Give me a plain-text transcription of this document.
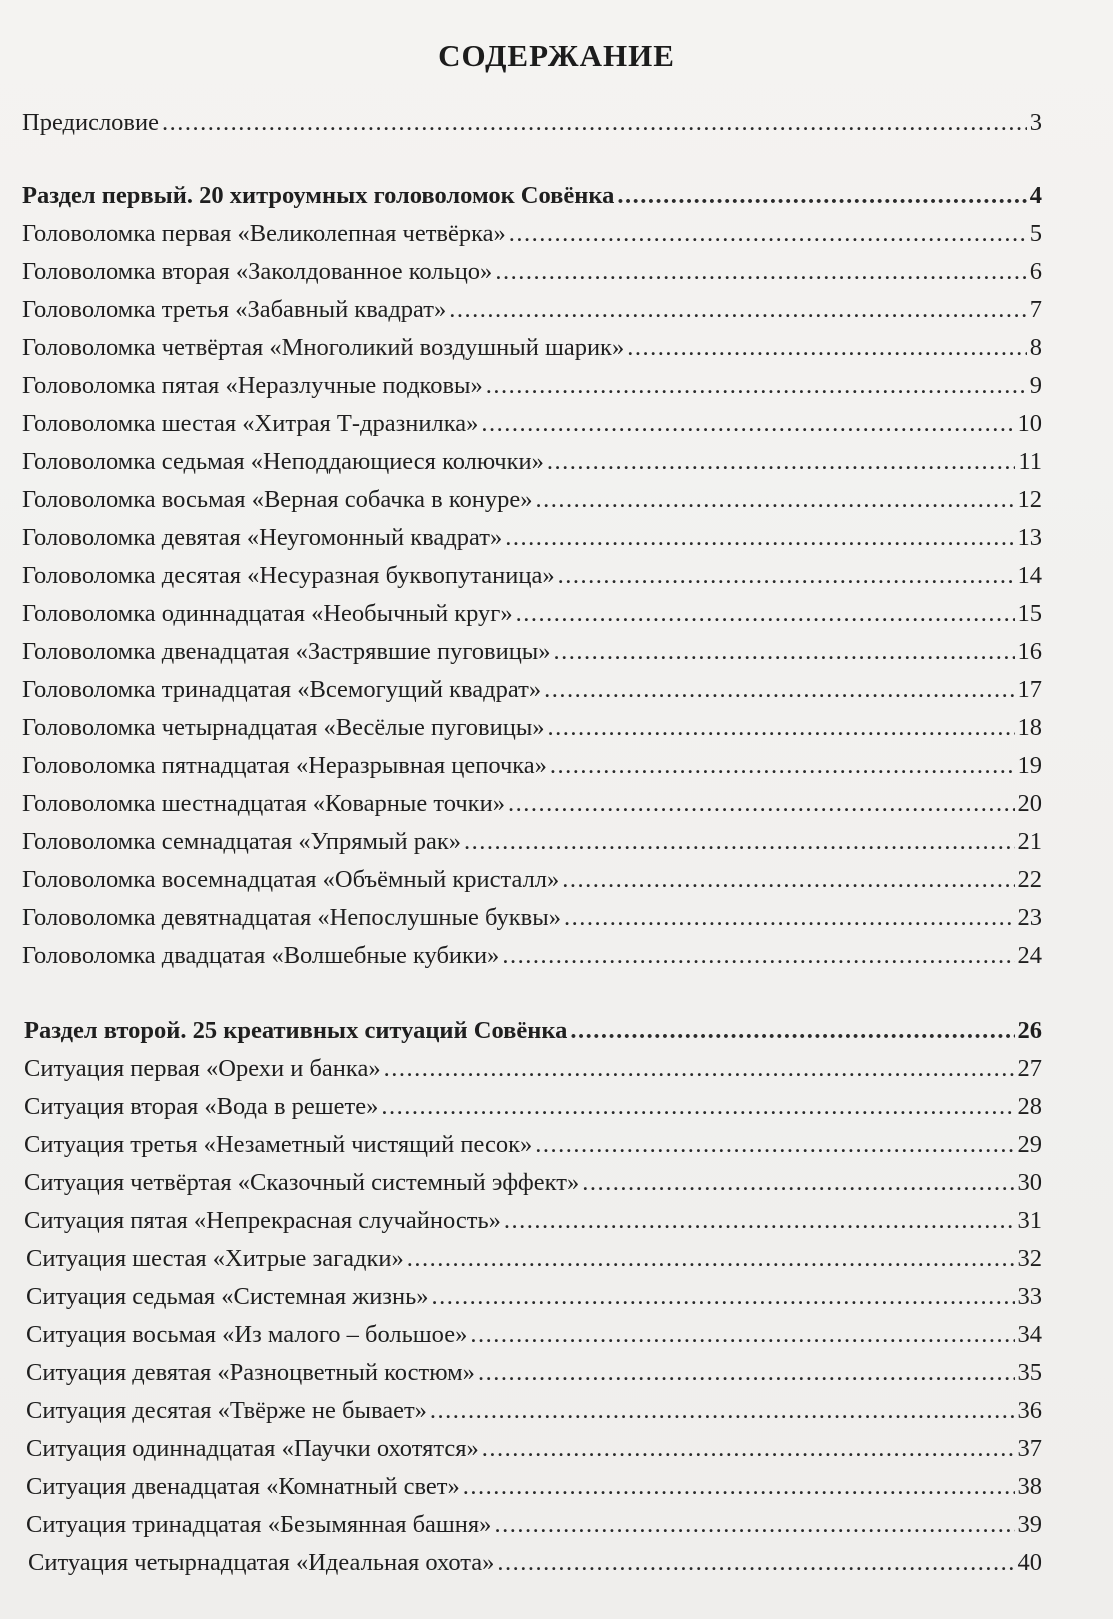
СОДЕРЖАНИЕ
Предисловие .....	3
Раздел первый. 20 хитроумных головоломок Совёнка .....	4
Головоломка первая «Великолепная четвёрка» .....	5
Головоломка вторая «Заколдованное кольцо» .....	6
Головоломка третья «Забавный квадрат» .....	7
Головоломка четвёртая «Многоликий воздушный шарик» .....	8
Головоломка пятая «Неразлучные подковы» .....	9
Головоломка шестая «Хитрая Т-дразнилка» .....	10
Головоломка седьмая «Неподдающиеся колючки» .....	11
Головоломка восьмая «Верная собачка в конуре» .....	12
Головоломка девятая «Неугомонный квадрат» .....	13
Головоломка десятая «Несуразная буквопутаница» .....	14
Головоломка одиннадцатая «Необычный круг» .....	15
Головоломка двенадцатая «Застрявшие пуговицы» .....	16
Головоломка тринадцатая «Всемогущий квадрат» .....	17
Головоломка четырнадцатая «Весёлые пуговицы» .....	18
Головоломка пятнадцатая «Неразрывная цепочка» .....	19
Головоломка шестнадцатая «Коварные точки» .....	20
Головоломка семнадцатая «Упрямый рак» .....	21
Головоломка восемнадцатая «Объёмный кристалл» .....	22
Головоломка девятнадцатая «Непослушные буквы» .....	23
Головоломка двадцатая «Волшебные кубики» .....	24
Раздел второй. 25 креативных ситуаций Совёнка .....	26
Ситуация первая «Орехи и банка» .....	27
Ситуация вторая «Вода в решете» .....	28
Ситуация третья «Незаметный чистящий песок» .....	29
Ситуация четвёртая «Сказочный системный эффект» .....	30
Ситуация пятая «Непрекрасная случайность» .....	31
Ситуация шестая «Хитрые загадки» .....	32
Ситуация седьмая «Системная жизнь» .....	33
Ситуация восьмая «Из малого – большое» .....	34
Ситуация девятая «Разноцветный костюм» .....	35
Ситуация десятая «Твёрже не бывает» .....	36
Ситуация одиннадцатая «Паучки охотятся» .....	37
Ситуация двенадцатая «Комнатный свет» .....	38
Ситуация тринадцатая «Безымянная башня» .....	39
Ситуация четырнадцатая «Идеальная охота» .....	40
